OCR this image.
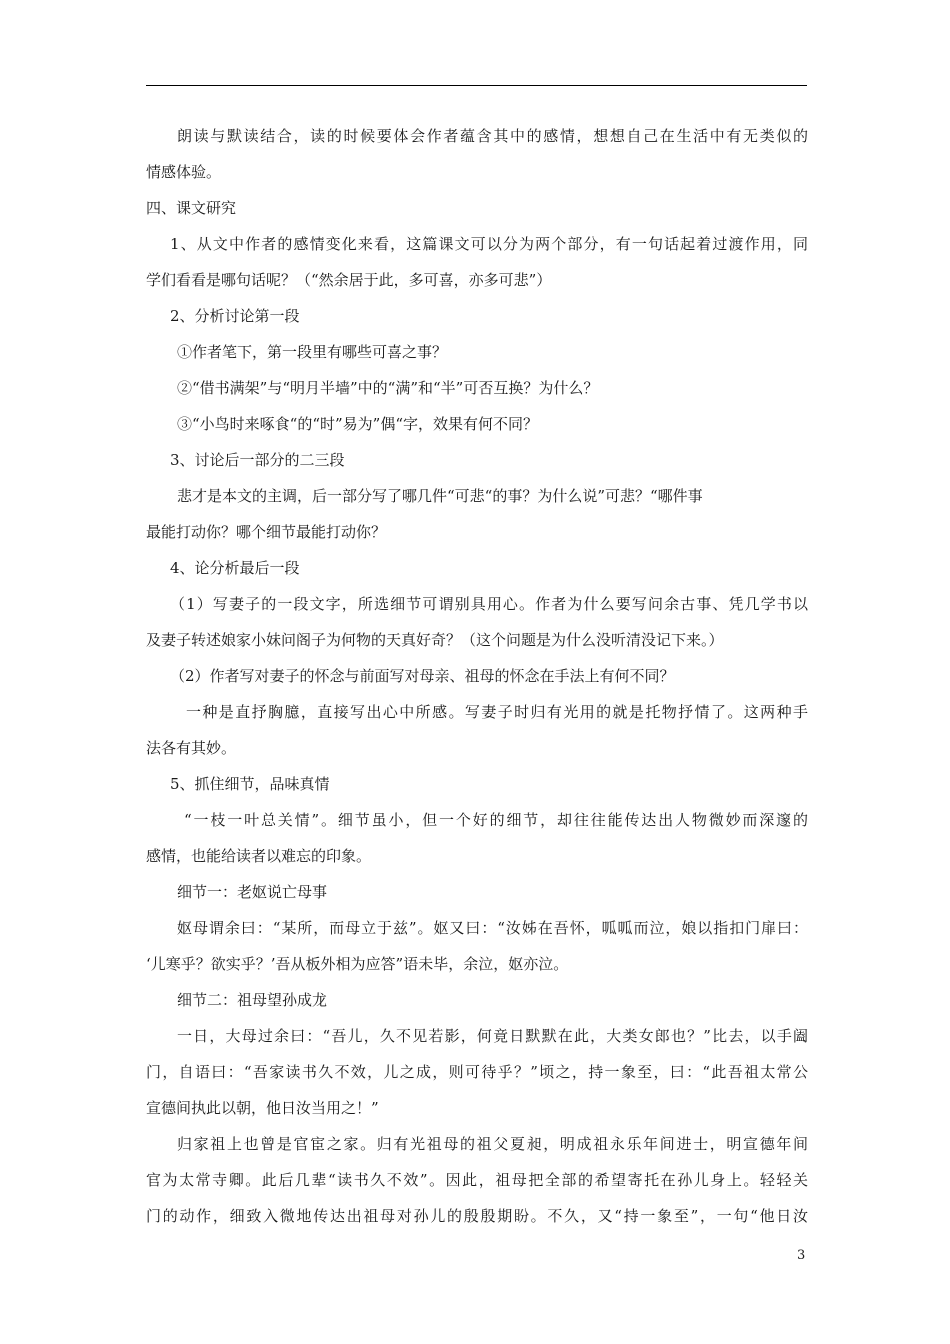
朗读与默读结合，读的时候要体会作者蕴含其中的感情，想想自己在生活中有无类似的
情感体验。
四、课文研究
1、从文中作者的感情变化来看，这篇课文可以分为两个部分，有一句话起着过渡作用，同
学们看看是哪句话呢？（“然余居于此，多可喜，亦多可悲”）
2、分析讨论第一段
①作者笔下，第一段里有哪些可喜之事？
②“借书满架”与“明月半墙”中的“满”和“半”可否互换？为什么？
③“小鸟时来啄食“的“时”易为”偶“字，效果有何不同？
3、讨论后一部分的二三段
悲才是本文的主调，后一部分写了哪几件“可悲“的事？为什么说”可悲？“哪件事
最能打动你？哪个细节最能打动你？
4、论分析最后一段
（1）写妻子的一段文字，所选细节可谓别具用心。作者为什么要写问余古事、凭几学书以
及妻子转述娘家小妹问阁子为何物的天真好奇？（这个问题是为什么没听清没记下来。）
（2）作者写对妻子的怀念与前面写对母亲、祖母的怀念在手法上有何不同？
一种是直抒胸臆，直接写出心中所感。写妻子时归有光用的就是托物抒情了。这两种手
法各有其妙。
5、抓住细节，品味真情
“一枝一叶总关情”。细节虽小，但一个好的细节，却往往能传达出人物微妙而深邃的
感情，也能给读者以难忘的印象。
细节一：老妪说亡母事
妪母谓余曰：“某所，而母立于兹”。妪又曰：“汝姊在吾怀，呱呱而泣，娘以指扣门扉曰：
‘儿寒乎？欲实乎？’吾从板外相为应答”语未毕，余泣，妪亦泣。
细节二：祖母望孙成龙
一日，大母过余曰：“吾儿，久不见若影，何竟日默默在此，大类女郎也？”比去，以手阖
门，自语曰：“吾家读书久不效，儿之成，则可待乎？”顷之，持一象至，曰：“此吾祖太常公
宣德间执此以朝，他日汝当用之！”
归家祖上也曾是官宦之家。归有光祖母的祖父夏昶，明成祖永乐年间进士，明宣德年间
官为太常寺卿。此后几辈“读书久不效”。因此，祖母把全部的希望寄托在孙儿身上。轻轻关
门的动作，细致入微地传达出祖母对孙儿的殷殷期盼。不久，又“持一象至”，一句“他日汝
3
